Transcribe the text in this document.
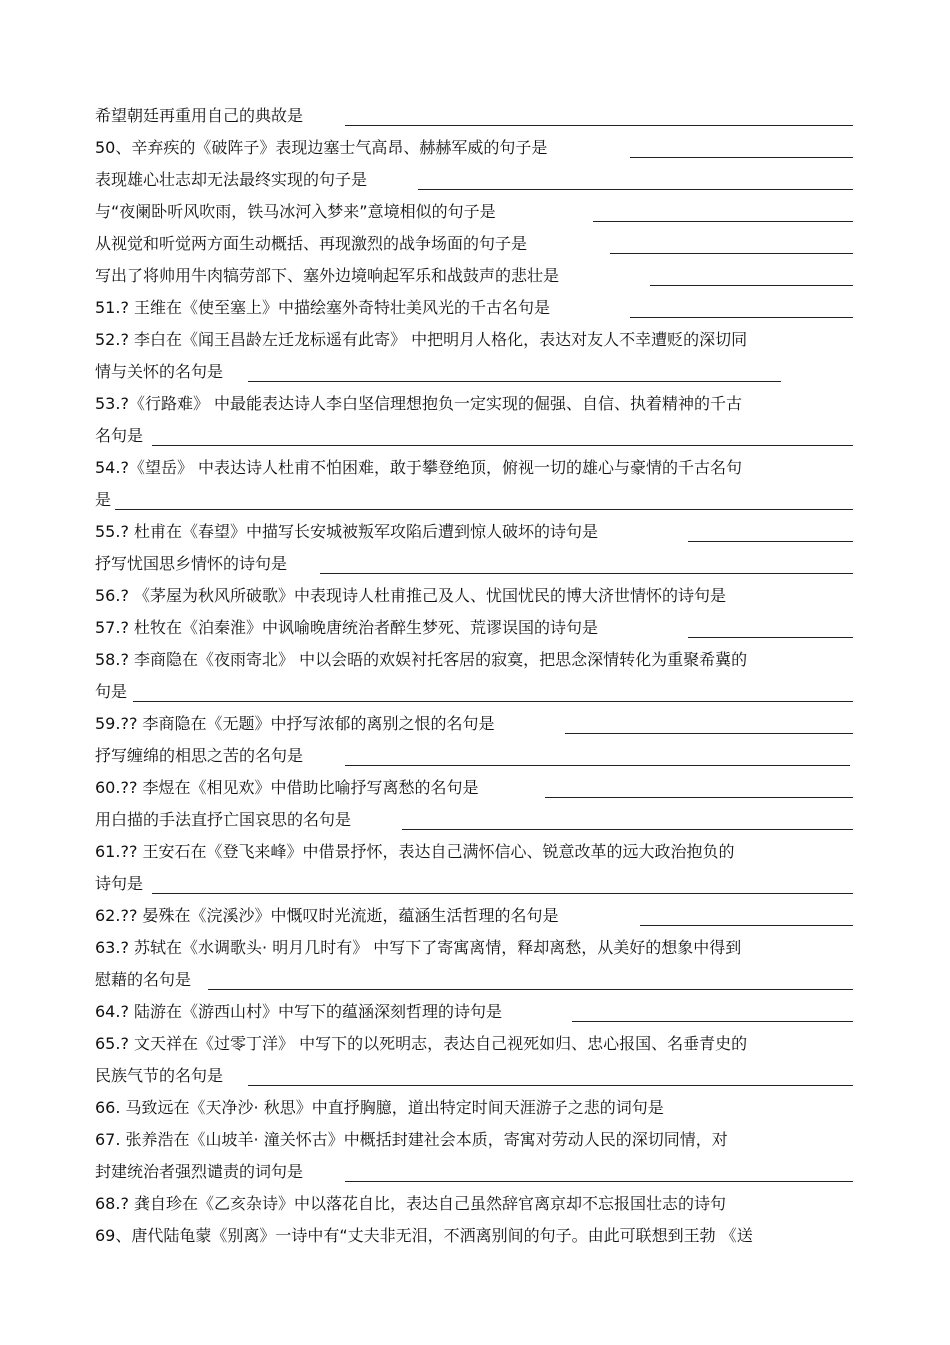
希望朝廷再重用自己的典故是
50、辛弃疾的《破阵子》表现边塞士气高昂、赫赫军威的句子是
表现雄心壮志却无法最终实现的句子是
与“夜阑卧听风吹雨，铁马冰河入梦来”意境相似的句子是
从视觉和听觉两方面生动概括、再现激烈的战争场面的句子是
写出了将帅用牛肉犒劳部下、塞外边境响起军乐和战鼓声的悲壮是
51.? 王维在《使至塞上》中描绘塞外奇特壮美风光的千古名句是
52.? 李白在《闻王昌龄左迁龙标遥有此寄》 中把明月人格化，表达对友人不幸遭贬的深切同
情与关怀的名句是
53.?《行路难》 中最能表达诗人李白坚信理想抱负一定实现的倔强、自信、执着精神的千古
名句是
54.?《望岳》 中表达诗人杜甫不怕困难，敢于攀登绝顶，俯视一切的雄心与豪情的千古名句
是
55.? 杜甫在《春望》中描写长安城被叛军攻陷后遭到惊人破坏的诗句是
抒写忧国思乡情怀的诗句是
56.? 《茅屋为秋风所破歌》中表现诗人杜甫推己及人、忧国忧民的博大济世情怀的诗句是
57.? 杜牧在《泊秦淮》中讽喻晚唐统治者醉生梦死、荒谬误国的诗句是
58.? 李商隐在《夜雨寄北》 中以会晤的欢娱衬托客居的寂寞，把思念深情转化为重聚希冀的
句是
59.?? 李商隐在《无题》中抒写浓郁的离别之恨的名句是
抒写缠绵的相思之苦的名句是
60.?? 李煜在《相见欢》中借助比喻抒写离愁的名句是
用白描的手法直抒亡国哀思的名句是
61.?? 王安石在《登飞来峰》中借景抒怀，表达自己满怀信心、锐意改革的远大政治抱负的
诗句是
62.?? 晏殊在《浣溪沙》中慨叹时光流逝，蕴涵生活哲理的名句是
63.? 苏轼在《水调歌头· 明月几时有》 中写下了寄寓离情，释却离愁，从美好的想象中得到
慰藉的名句是
64.? 陆游在《游西山村》中写下的蕴涵深刻哲理的诗句是
65.? 文天祥在《过零丁洋》 中写下的以死明志，表达自己视死如归、忠心报国、名垂青史的
民族气节的名句是
66. 马致远在《天净沙· 秋思》中直抒胸臆，道出特定时间天涯游子之悲的词句是
67. 张养浩在《山坡羊· 潼关怀古》中概括封建社会本质，寄寓对劳动人民的深切同情，对
封建统治者强烈谴责的词句是
68.? 龚自珍在《乙亥杂诗》中以落花自比，表达自己虽然辞官离京却不忘报国壮志的诗句
69、唐代陆龟蒙《别离》一诗中有“丈夫非无泪，不洒离别间的句子。由此可联想到王勃 《送
